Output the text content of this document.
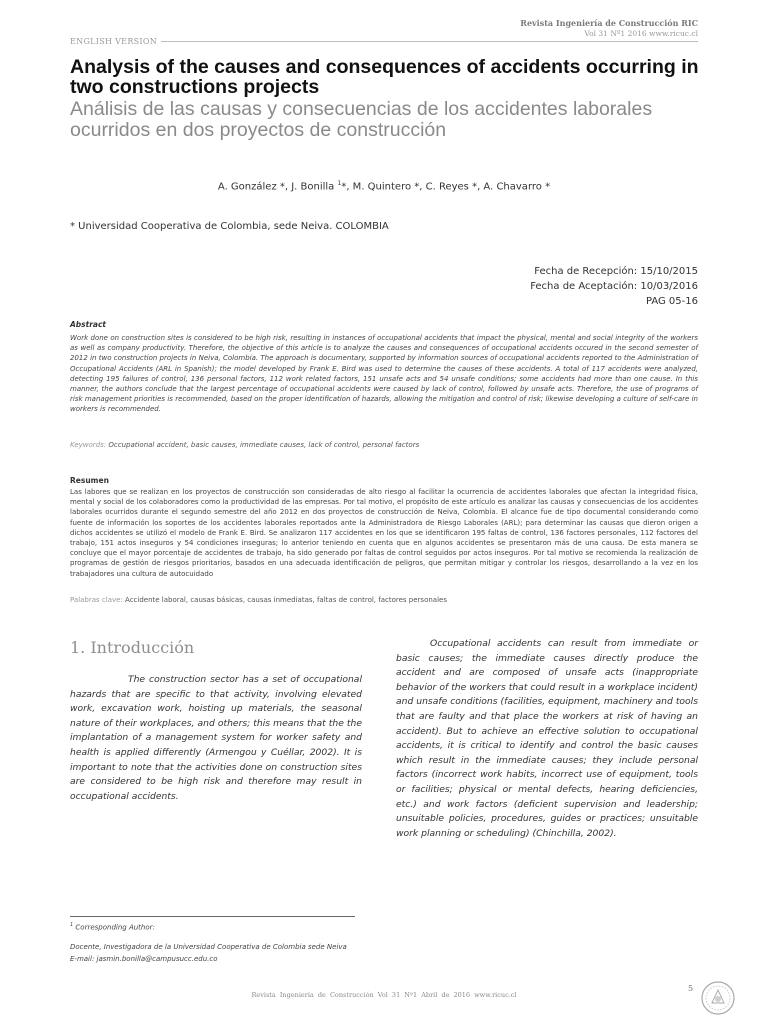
Revista Ingeniería de Construcción RIC
Vol 31 Nº1 2016 www.ricuc.cl
ENGLISH VERSION
Analysis of the causes and consequences of accidents occurring in two constructions projects
Análisis de las causas y consecuencias de los accidentes laborales ocurridos en dos proyectos de construcción
A. González *, J. Bonilla $^1$*, M. Quintero *, C. Reyes *, A. Chavarro *
* Universidad Cooperativa de Colombia, sede Neiva. COLOMBIA
Fecha de Recepción: 15/10/2015
Fecha de Aceptación: 10/03/2016
PAG 05-16
Abstract
Work done on construction sites is considered to be high risk, resulting in instances of occupational accidents that impact the physical, mental and social integrity of the workers as well as company productivity. Therefore, the objective of this article is to analyze the causes and consequences of occupational accidents occured in the second semester of 2012 in two construction projects in Neiva, Colombia. The approach is documentary, supported by information sources of occupational accidents reported to the Administration of Occupational Accidents (ARL in Spanish); the model developed by Frank E. Bird was used to determine the causes of these accidents. A total of 117 accidents were analyzed, detecting 195 failures of control, 136 personal factors, 112 work related factors, 151 unsafe acts and 54 unsafe conditions; some accidents had more than one cause. In this manner, the authors conclude that the largest percentage of occupational accidents were caused by lack of control, followed by unsafe acts. Therefore, the use of programs of risk management priorities is recommended, based on the proper identification of hazards, allowing the mitigation and control of risk; likewise developing a culture of self-care in workers is recommended.
Keywords: Occupational accident, basic causes, immediate causes, lack of control, personal factors
Resumen
Las labores que se realizan en los proyectos de construcción son consideradas de alto riesgo al facilitar la ocurrencia de accidentes laborales que afectan la integridad física, mental y social de los colaboradores como la productividad de las empresas. Por tal motivo, el propósito de este artículo es analizar las causas y consecuencias de los accidentes laborales ocurridos durante el segundo semestre del año 2012 en dos proyectos de construcción de Neiva, Colombia. El alcance fue de tipo documental considerando como fuente de información los soportes de los accidentes laborales reportados ante la Administradora de Riesgo Laborales (ARL); para determinar las causas que dieron origen a dichos accidentes se utilizó el modelo de Frank E. Bird. Se analizaron 117 accidentes en los que se identificaron 195 faltas de control, 136 factores personales, 112 factores del trabajo, 151 actos inseguros y 54 condiciones inseguras; lo anterior teniendo en cuenta que en algunos accidentes se presentaron más de una causa. De esta manera se concluye que el mayor porcentaje de accidentes de trabajo, ha sido generado por faltas de control seguidos por actos inseguros. Por tal motivo se recomienda la realización de programas de gestión de riesgos prioritarios, basados en una adecuada identificación de peligros, que permitan mitigar y controlar los riesgos, desarrollando a la vez en los trabajadores una cultura de autocuidado
Palabras clave: Accidente laboral, causas básicas, causas inmediatas, faltas de control, factores personales
1. Introducción
The construction sector has a set of occupational hazards that are specific to that activity, involving elevated work, excavation work, hoisting up materials, the seasonal nature of their workplaces, and others; this means that the the implantation of a management system for worker safety and health is applied differently (Armengou y Cuéllar, 2002). It is important to note that the activities done on construction sites are considered to be high risk and therefore may result in occupational accidents.
Occupational accidents can result from immediate or basic causes; the immediate causes directly produce the accident and are composed of unsafe acts (inappropriate behavior of the workers that could result in a workplace incident) and unsafe conditions (facilities, equipment, machinery and tools that are faulty and that place the workers at risk of having an accident). But to achieve an effective solution to occupational accidents, it is critical to identify and control the basic causes which result in the immediate causes; they include personal factors (incorrect work habits, incorrect use of equipment, tools or facilities; physical or mental defects, hearing deficiencies, etc.) and work factors (deficient supervision and leadership; unsuitable policies, procedures, guides or practices; unsuitable work planning or scheduling) (Chinchilla, 2002).
$^1$ Corresponding Author:
Docente, Investigadora de la Universidad Cooperativa de Colombia sede Neiva
E-mail: jasmin.bonilla@campusucc.edu.co
Revista Ingeniería de Construcción Vol 31 Nº1 Abril de 2016 www.ricuc.cl
5
